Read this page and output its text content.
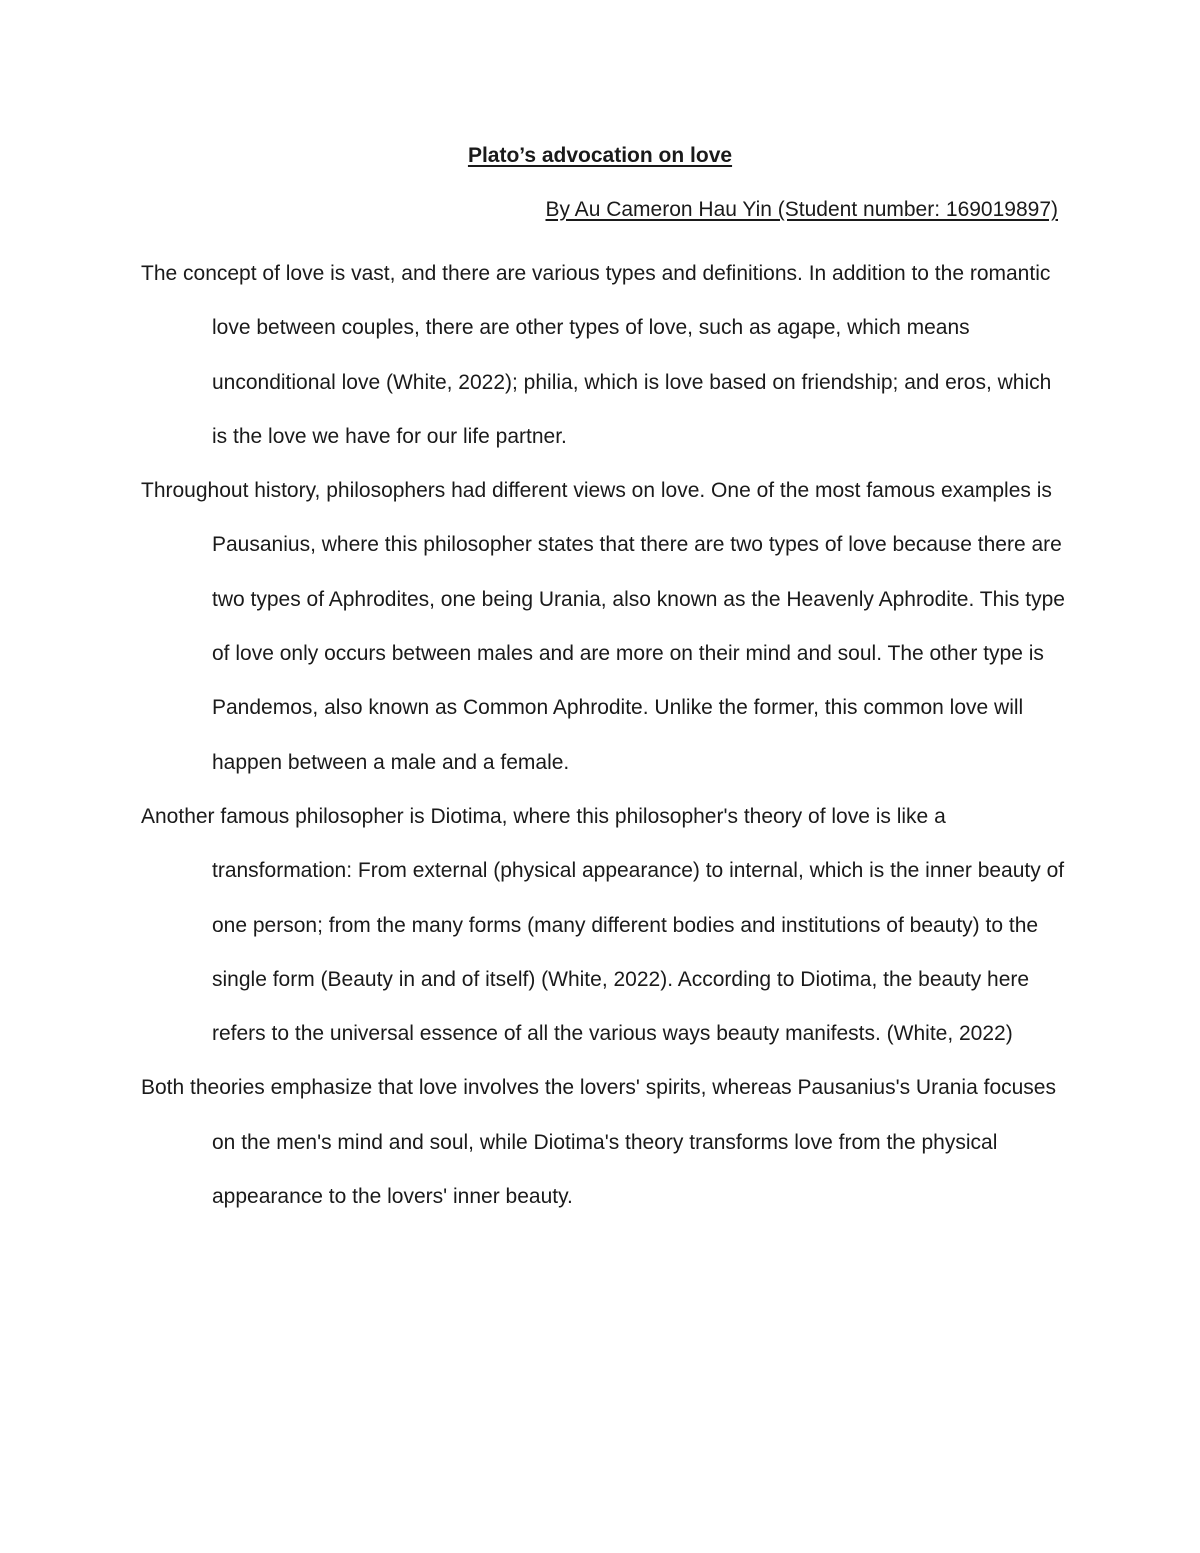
Plato’s advocation on love

By Au Cameron Hau Yin (Student number: 169019897)

The concept of love is vast, and there are various types and definitions. In addition to the romantic love between couples, there are other types of love, such as agape, which means unconditional love (White, 2022); philia, which is love based on friendship; and eros, which is the love we have for our life partner.

Throughout history, philosophers had different views on love. One of the most famous examples is Pausanius, where this philosopher states that there are two types of love because there are two types of Aphrodites, one being Urania, also known as the Heavenly Aphrodite. This type of love only occurs between males and are more on their mind and soul. The other type is Pandemos, also known as Common Aphrodite. Unlike the former, this common love will happen between a male and a female.

Another famous philosopher is Diotima, where this philosopher's theory of love is like a transformation: From external (physical appearance) to internal, which is the inner beauty of one person; from the many forms (many different bodies and institutions of beauty) to the single form (Beauty in and of itself) (White, 2022). According to Diotima, the beauty here refers to the universal essence of all the various ways beauty manifests. (White, 2022)

Both theories emphasize that love involves the lovers' spirits, whereas Pausanius's Urania focuses on the men's mind and soul, while Diotima's theory transforms love from the physical appearance to the lovers' inner beauty.
